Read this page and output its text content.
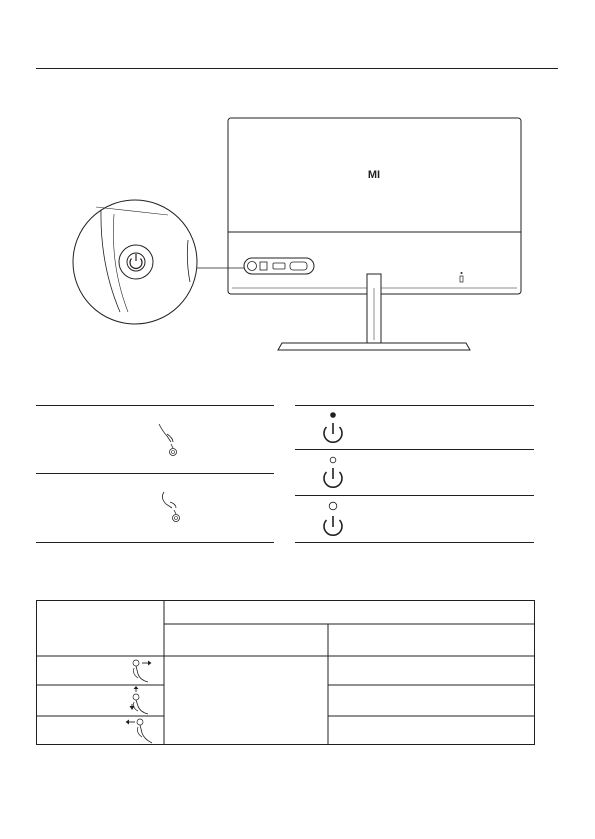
MI
